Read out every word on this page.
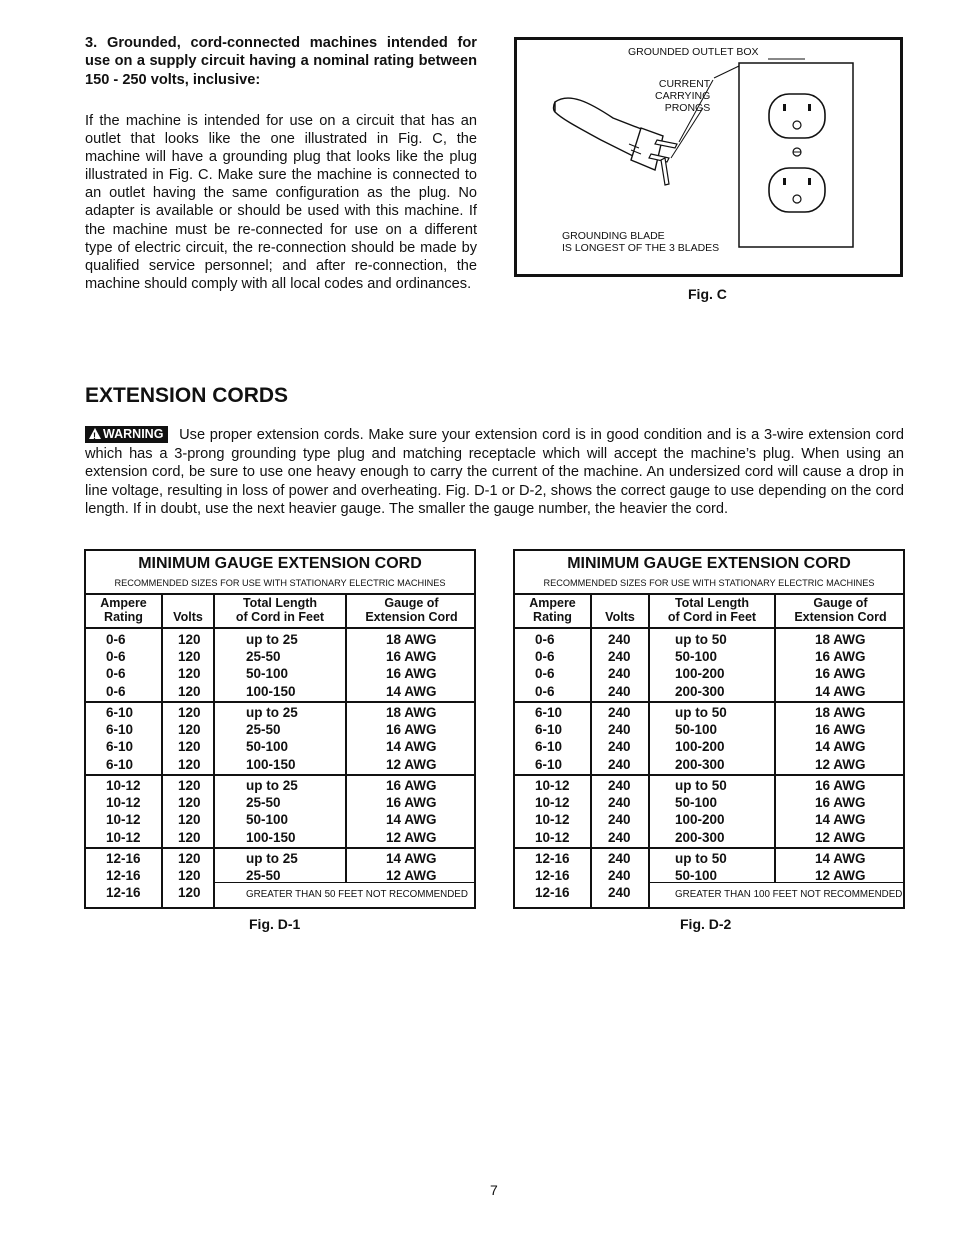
3. Grounded, cord-connected machines intended for use on a supply circuit having a nominal rating between 150 - 250 volts, inclusive:
If the machine is intended for use on a circuit that has an outlet that looks like the one illustrated in Fig. C, the machine will have a grounding plug that looks like the plug illustrated in Fig. C. Make sure the machine is connected to an outlet having the same configuration as the plug. No adapter is available or should be used with this machine. If the machine must be re-connected for use on a different type of electric circuit, the re-connection should be made by qualified service personnel; and after re-connection, the machine should comply with all local codes and ordinances.
GROUNDED OUTLET BOX
CURRENT
CARRYING
PRONGS
GROUNDING BLADE
IS LONGEST OF THE 3 BLADES
Fig. C
EXTENSION CORDS
!WARNING Use proper extension cords. Make sure your extension cord is in good condition and is a 3-wire extension cord which has a 3-prong grounding type plug and matching receptacle which will accept the machine’s plug. When using an extension cord, be sure to use one heavy enough to carry the current of the machine. An undersized cord will cause a drop in line voltage, resulting in loss of power and overheating. Fig. D-1 or D-2, shows the correct gauge to use depending on the cord length. If in doubt, use the next heavier gauge. The smaller the gauge number, the heavier the cord.
MINIMUM GAUGE EXTENSION CORD
RECOMMENDED SIZES FOR USE WITH STATIONARY ELECTRIC MACHINES
Ampere
Rating	Volts
Total Length
of Cord in Feet
Gauge of
Extension Cord
0-6
0-6
0-6
0-6
120
120
120
120
up to 25
25-50
50-100
100-150
18 AWG
16 AWG
16 AWG
14 AWG
6-10
6-10
6-10
6-10
120
120
120
120
up to 25
25-50
50-100
100-150
18 AWG
16 AWG
14 AWG
12 AWG
10-12
10-12
10-12
10-12
120
120
120
120
up to 25
25-50
50-100
100-150
16 AWG
16 AWG
14 AWG
12 AWG
12-16
12-16
12-16
120
120
120
up to 25
25-50
14 AWG
12 AWG
GREATER THAN 50 FEET NOT RECOMMENDED
Fig. D-1
MINIMUM GAUGE EXTENSION CORD
RECOMMENDED SIZES FOR USE WITH STATIONARY ELECTRIC MACHINES
Ampere
Rating	Volts
Total Length
of Cord in Feet
Gauge of
Extension Cord
0-6
0-6
0-6
0-6
240
240
240
240
up to 50
50-100
100-200
200-300
18 AWG
16 AWG
16 AWG
14 AWG
6-10
6-10
6-10
6-10
240
240
240
240
up to 50
50-100
100-200
200-300
18 AWG
16 AWG
14 AWG
12 AWG
10-12
10-12
10-12
10-12
240
240
240
240
up to 50
50-100
100-200
200-300
16 AWG
16 AWG
14 AWG
12 AWG
12-16
12-16
12-16
240
240
240
up to 50
50-100
14 AWG
12 AWG
GREATER THAN 100 FEET NOT RECOMMENDED
Fig. D-2
7
